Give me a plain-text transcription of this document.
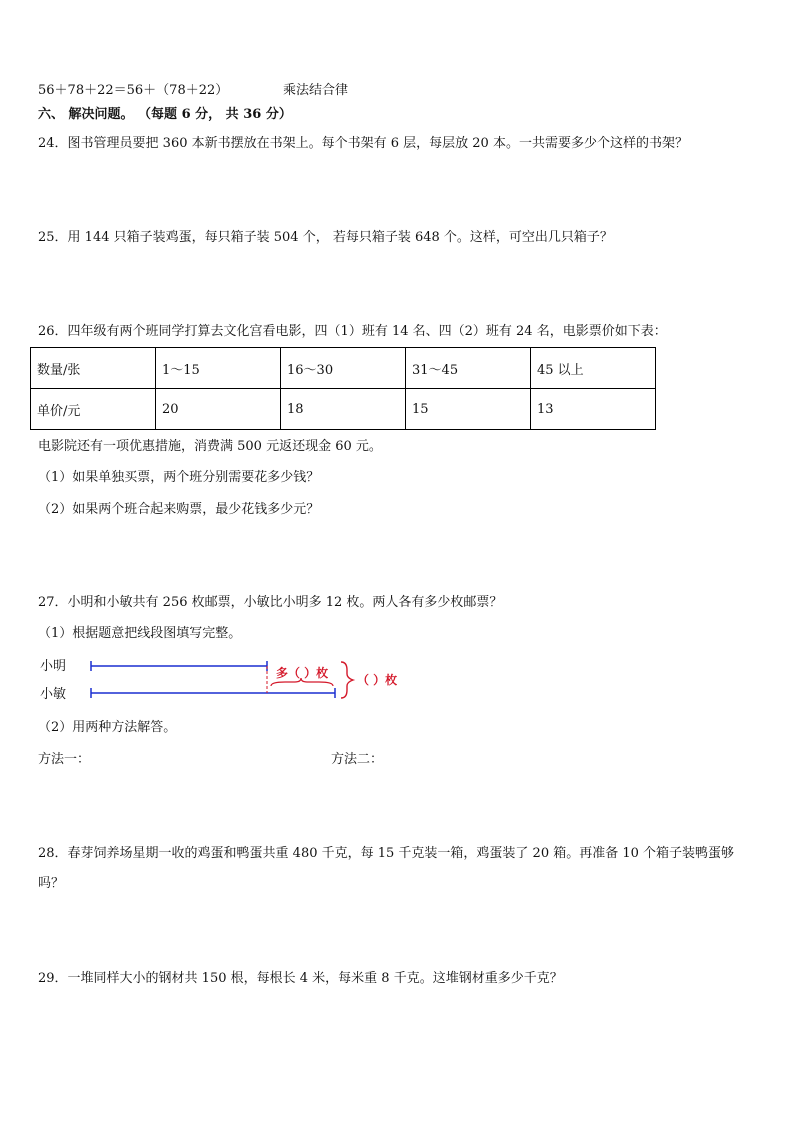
56＋78＋22＝56＋（78＋22）	乘法结合律
六、 解决问题。 （每题 6 分， 共 36 分）
24．图书管理员要把 360 本新书摆放在书架上。每个书架有 6 层，每层放 20 本。一共需要多少个这样的书架？
25．用 144 只箱子装鸡蛋，每只箱子装 504 个， 若每只箱子装 648 个。这样，可空出几只箱子？
26．四年级有两个班同学打算去文化宫看电影，四（1）班有 14 名、四（2）班有 24 名，电影票价如下表：
数量/张	1～15	16～30	31～45	45 以上
单价/元	20	18	15	13
电影院还有一项优惠措施，消费满 500 元返还现金 60 元。
（1）如果单独买票，两个班分别需要花多少钱？
（2）如果两个班合起来购票，最少花钱多少元？
27．小明和小敏共有 256 枚邮票，小敏比小明多 12 枚。两人各有多少枚邮票？
（1）根据题意把线段图填写完整。
小明
小敏
多（ ）枚 （ ）枚
（2）用两种方法解答。
方法一：	方法二：
28．春芽饲养场星期一收的鸡蛋和鸭蛋共重 480 千克，每 15 千克装一箱，鸡蛋装了 20 箱。再准备 10 个箱子装鸭蛋够
吗？
29．一堆同样大小的钢材共 150 根，每根长 4 米，每米重 8 千克。这堆钢材重多少千克？
